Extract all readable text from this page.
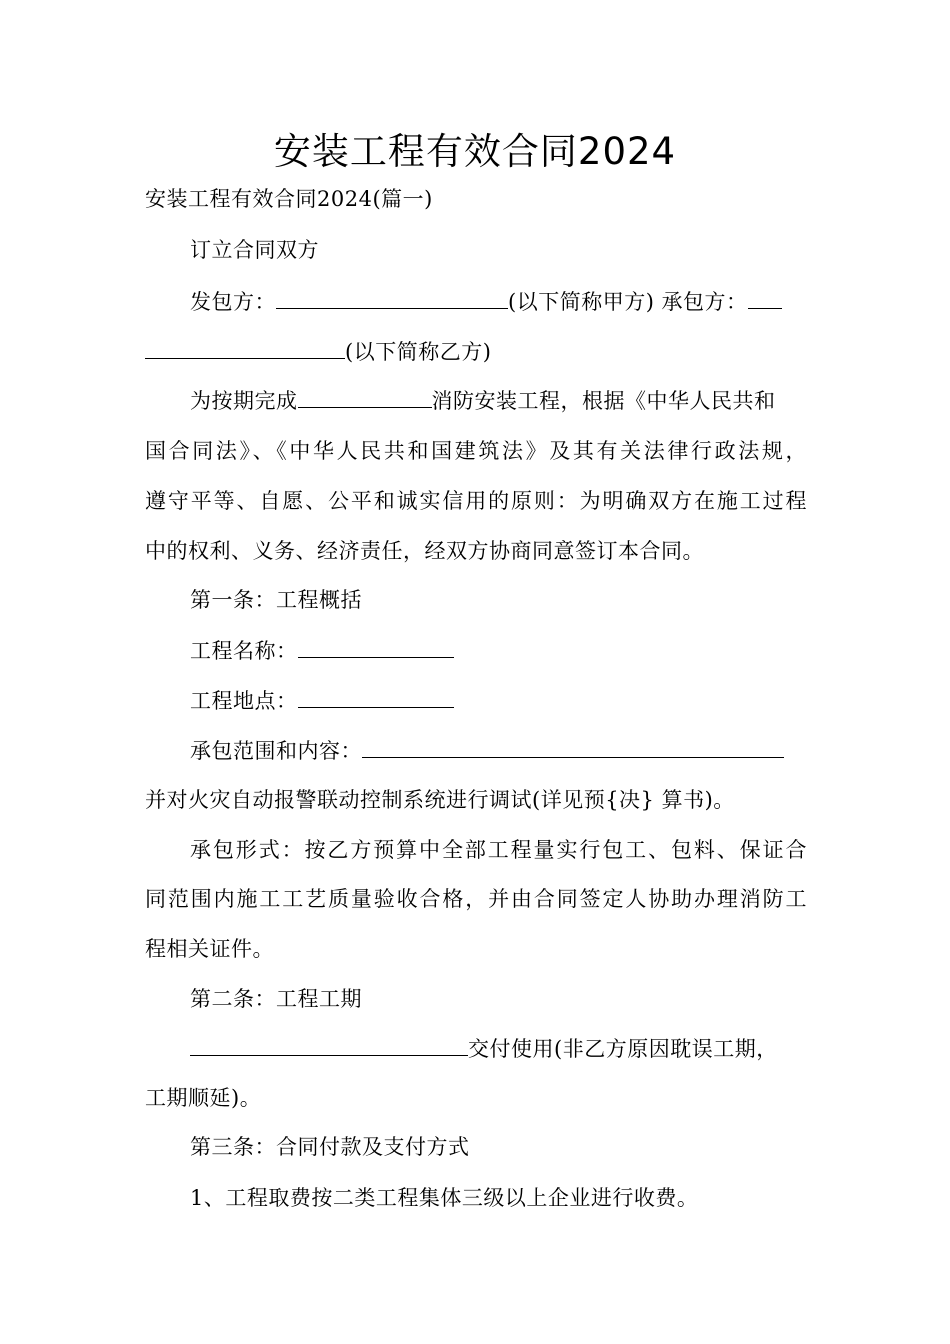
安装工程有效合同2024
安装工程有效合同2024(篇一)
订立合同双方
发包方：	(以下简称甲方) 承包方：
(以下简称乙方)
为按期完成	消防安装工程，根据《中华人民共和
国合同法》、《中华人民共和国建筑法》及其有关法律行政法规，
遵守平等、自愿、公平和诚实信用的原则：为明确双方在施工过程
中的权利、义务、经济责任，经双方协商同意签订本合同。
第一条：工程概括
工程名称：
工程地点：
承包范围和内容：
并对火灾自动报警联动控制系统进行调试(详见预{决} 算书)。
承包形式：按乙方预算中全部工程量实行包工、包料、保证合
同范围内施工工艺质量验收合格，并由合同签定人协助办理消防工
程相关证件。
第二条：工程工期
交付使用(非乙方原因耽误工期，
工期顺延)。
第三条：合同付款及支付方式
1、工程取费按二类工程集体三级以上企业进行收费。
